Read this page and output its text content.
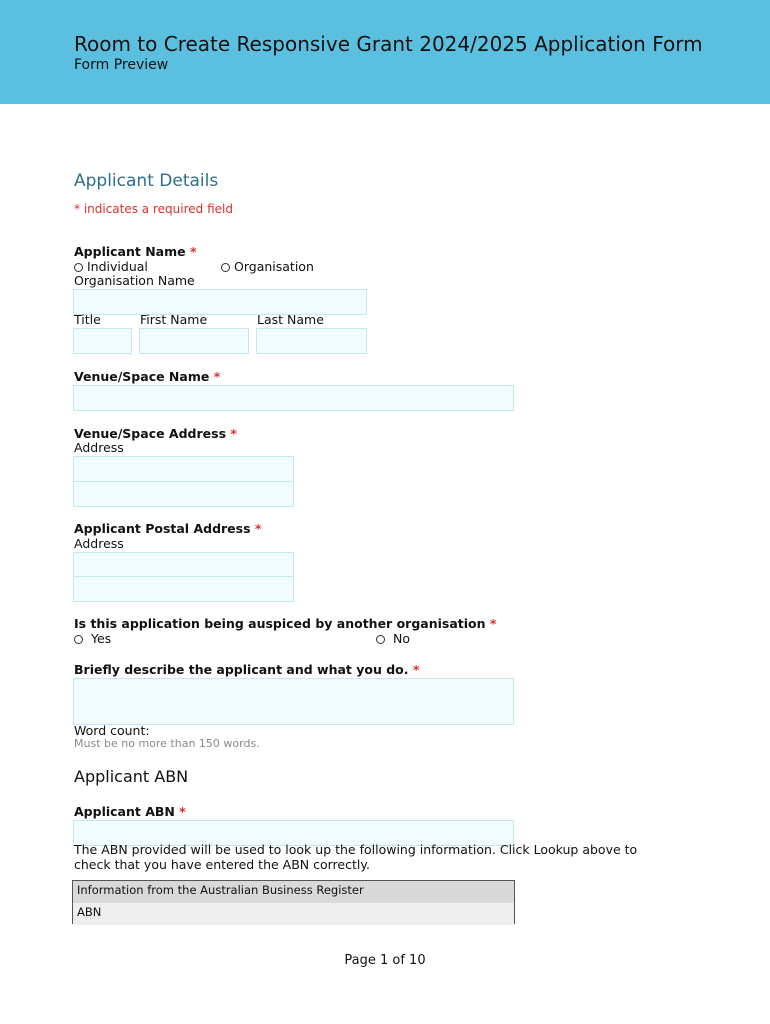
Room to Create Responsive Grant 2024/2025 Application Form
Form Preview
Applicant Details
* indicates a required field
Applicant Name *
Individual	Organisation
Organisation Name
Title	First Name	Last Name
Venue/Space Name *
Venue/Space Address *
Address
Applicant Postal Address *
Address
Is this application being auspiced by another organisation *
Yes	No
Briefly describe the applicant and what you do. *
Word count:
Must be no more than 150 words.
Applicant ABN
Applicant ABN *
The ABN provided will be used to look up the following information. Click Lookup above to
check that you have entered the ABN correctly.
Information from the Australian Business Register
ABN
Page 1 of 10
